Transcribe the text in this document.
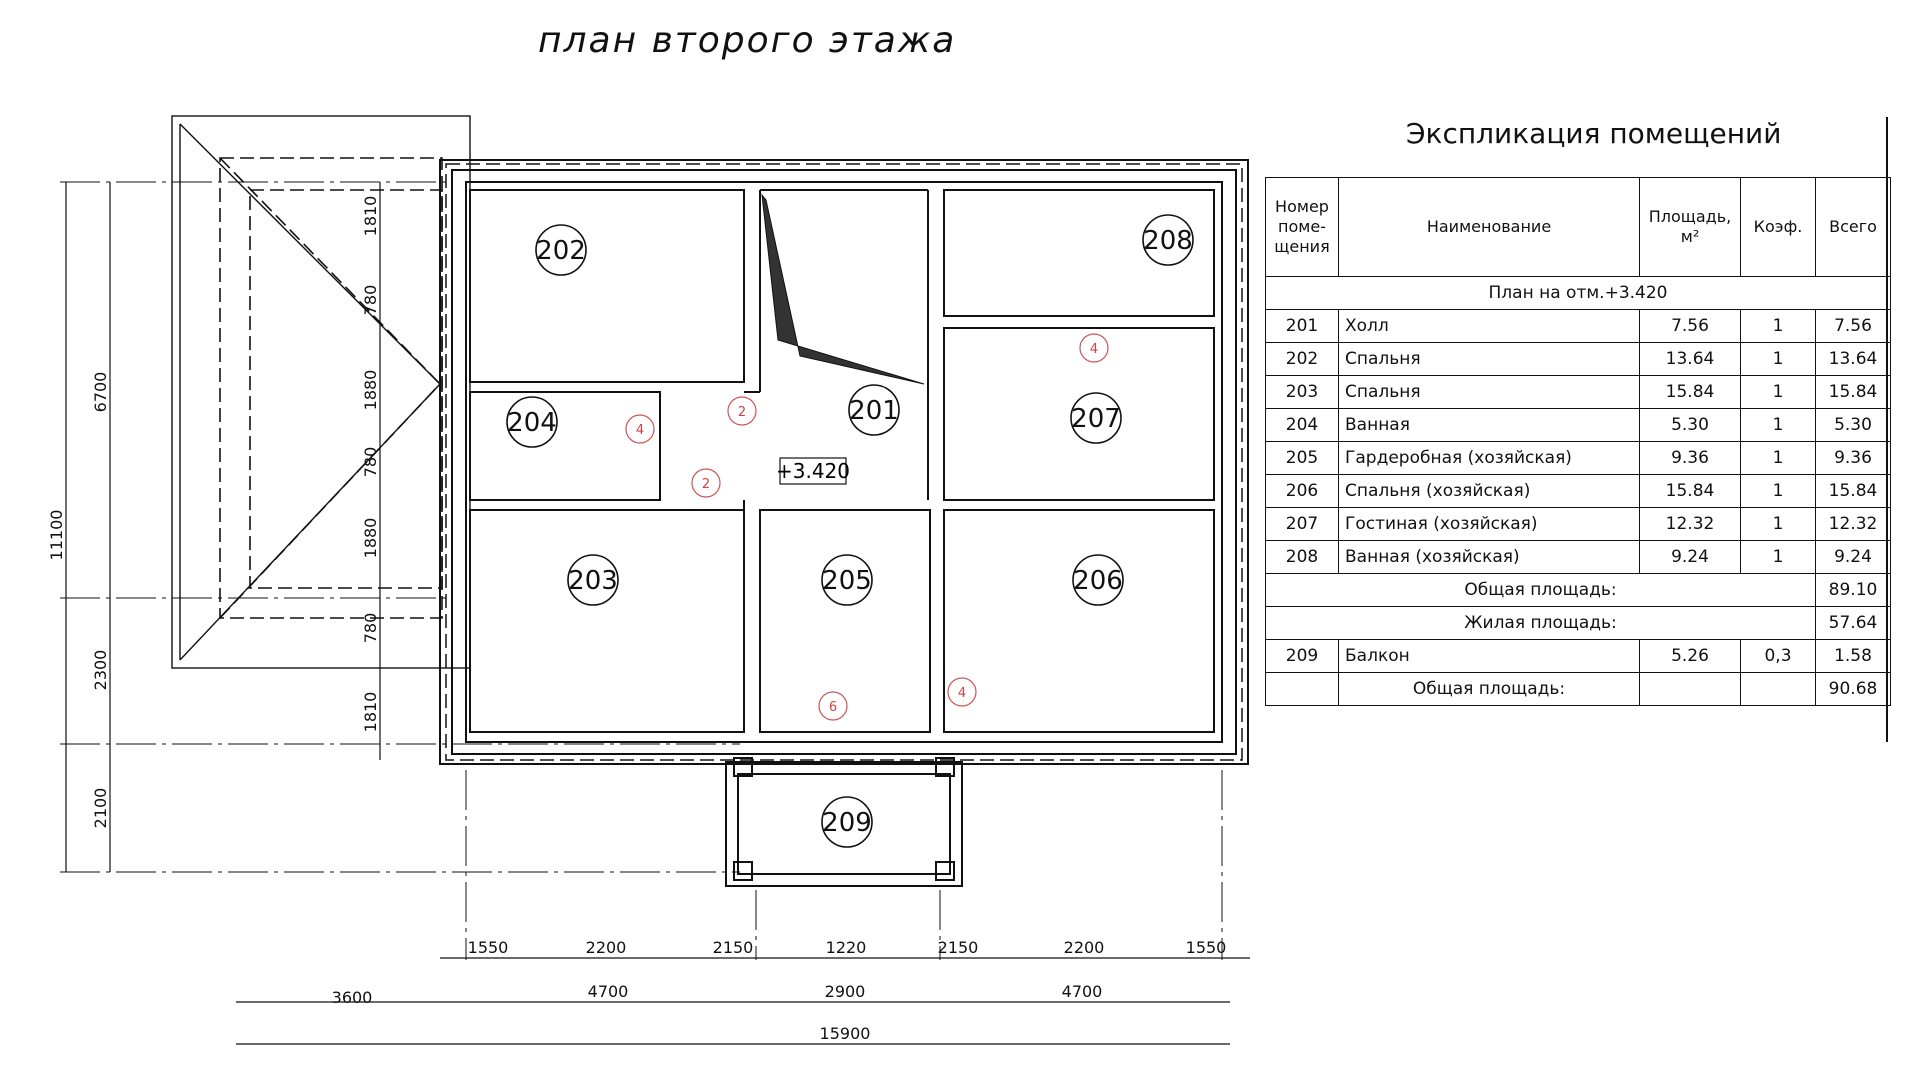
план второго этажа
202	208
204	201	207
203	205	206
209
+3.420
2
2
4
4
4
6
6700
2300
2100
11100
1810
780
1880
780
1880
780
1810
1550	2200	2150	1220	2150	2200	1550
3600	4700	2900	4700
15900
Экспликация помещений
Номер поме-щения	Наименование	Площадь, м²	Коэф.	Всего
План на отм.+3.420				
201	Холл	7.56	1	7.56
202	Спальня	13.64	1	13.64
203	Спальня	15.84	1	15.84
204	Ванная	5.30	1	5.30
205	Гардеробная (хозяйская)	9.36	1	9.36
206	Спальня (хозяйская)	15.84	1	15.84
207	Гостиная (хозяйская)	12.32	1	12.32
208	Ванная (хозяйская)	9.24	1	9.24
Общая площадь:				89.10
Жилая площадь:				57.64
209	Балкон	5.26	0,3	1.58
	Общая площадь:			90.68
